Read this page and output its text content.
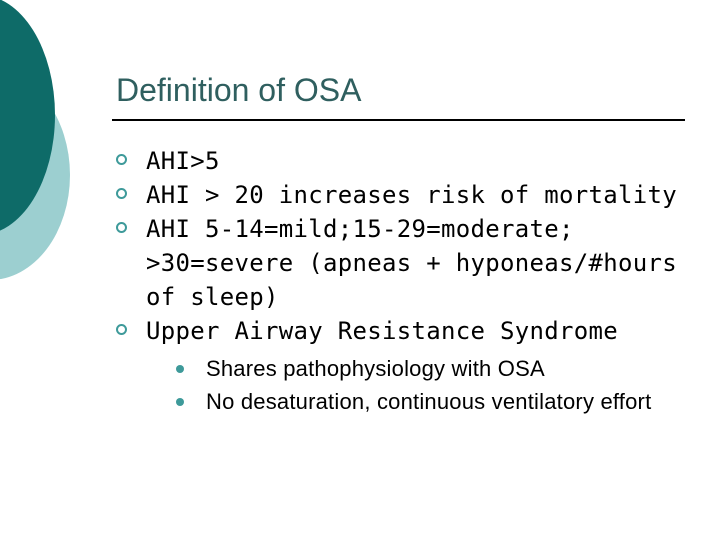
Definition of OSA
AHI>5
AHI > 20 increases risk of mortality
AHI 5-14=mild;15-29=moderate; >30=severe (apneas + hyponeas/#hours of sleep)
Upper Airway Resistance Syndrome
Shares pathophysiology with OSA
No desaturation, continuous ventilatory effort
